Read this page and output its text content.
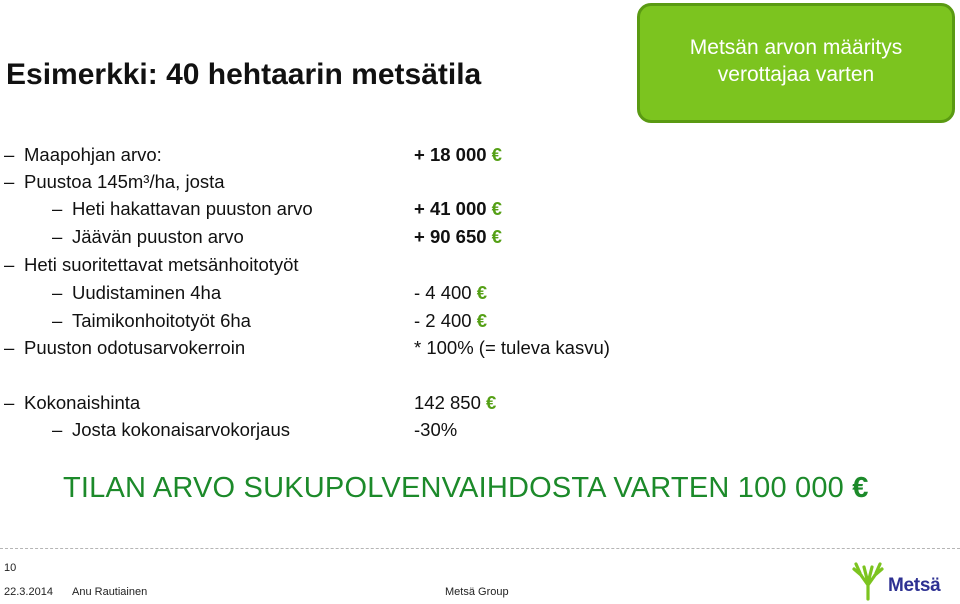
Esimerkki: 40 hehtaarin metsätila
Metsän arvon määritys
verottajaa varten
– Maapohjan arvo:	+ 18 000 €
– Puustoa 145m³/ha, josta
– Heti hakattavan puuston arvo	+ 41 000 €
– Jäävän puuston arvo	+ 90 650 €
– Heti suoritettavat metsänhoitotyöt
– Uudistaminen 4ha	- 4 400 €
– Taimikonhoitotyöt 6ha	- 2 400 €
– Puuston odotusarvokerroin	* 100% (= tuleva kasvu)
– Kokonaishinta	142 850 €
– Josta kokonaisarvokorjaus	-30%
TILAN ARVO SUKUPOLVENVAIHDOSTA VARTEN 100 000 €
10
22.3.2014 Anu Rautiainen	Metsä Group	Metsä
